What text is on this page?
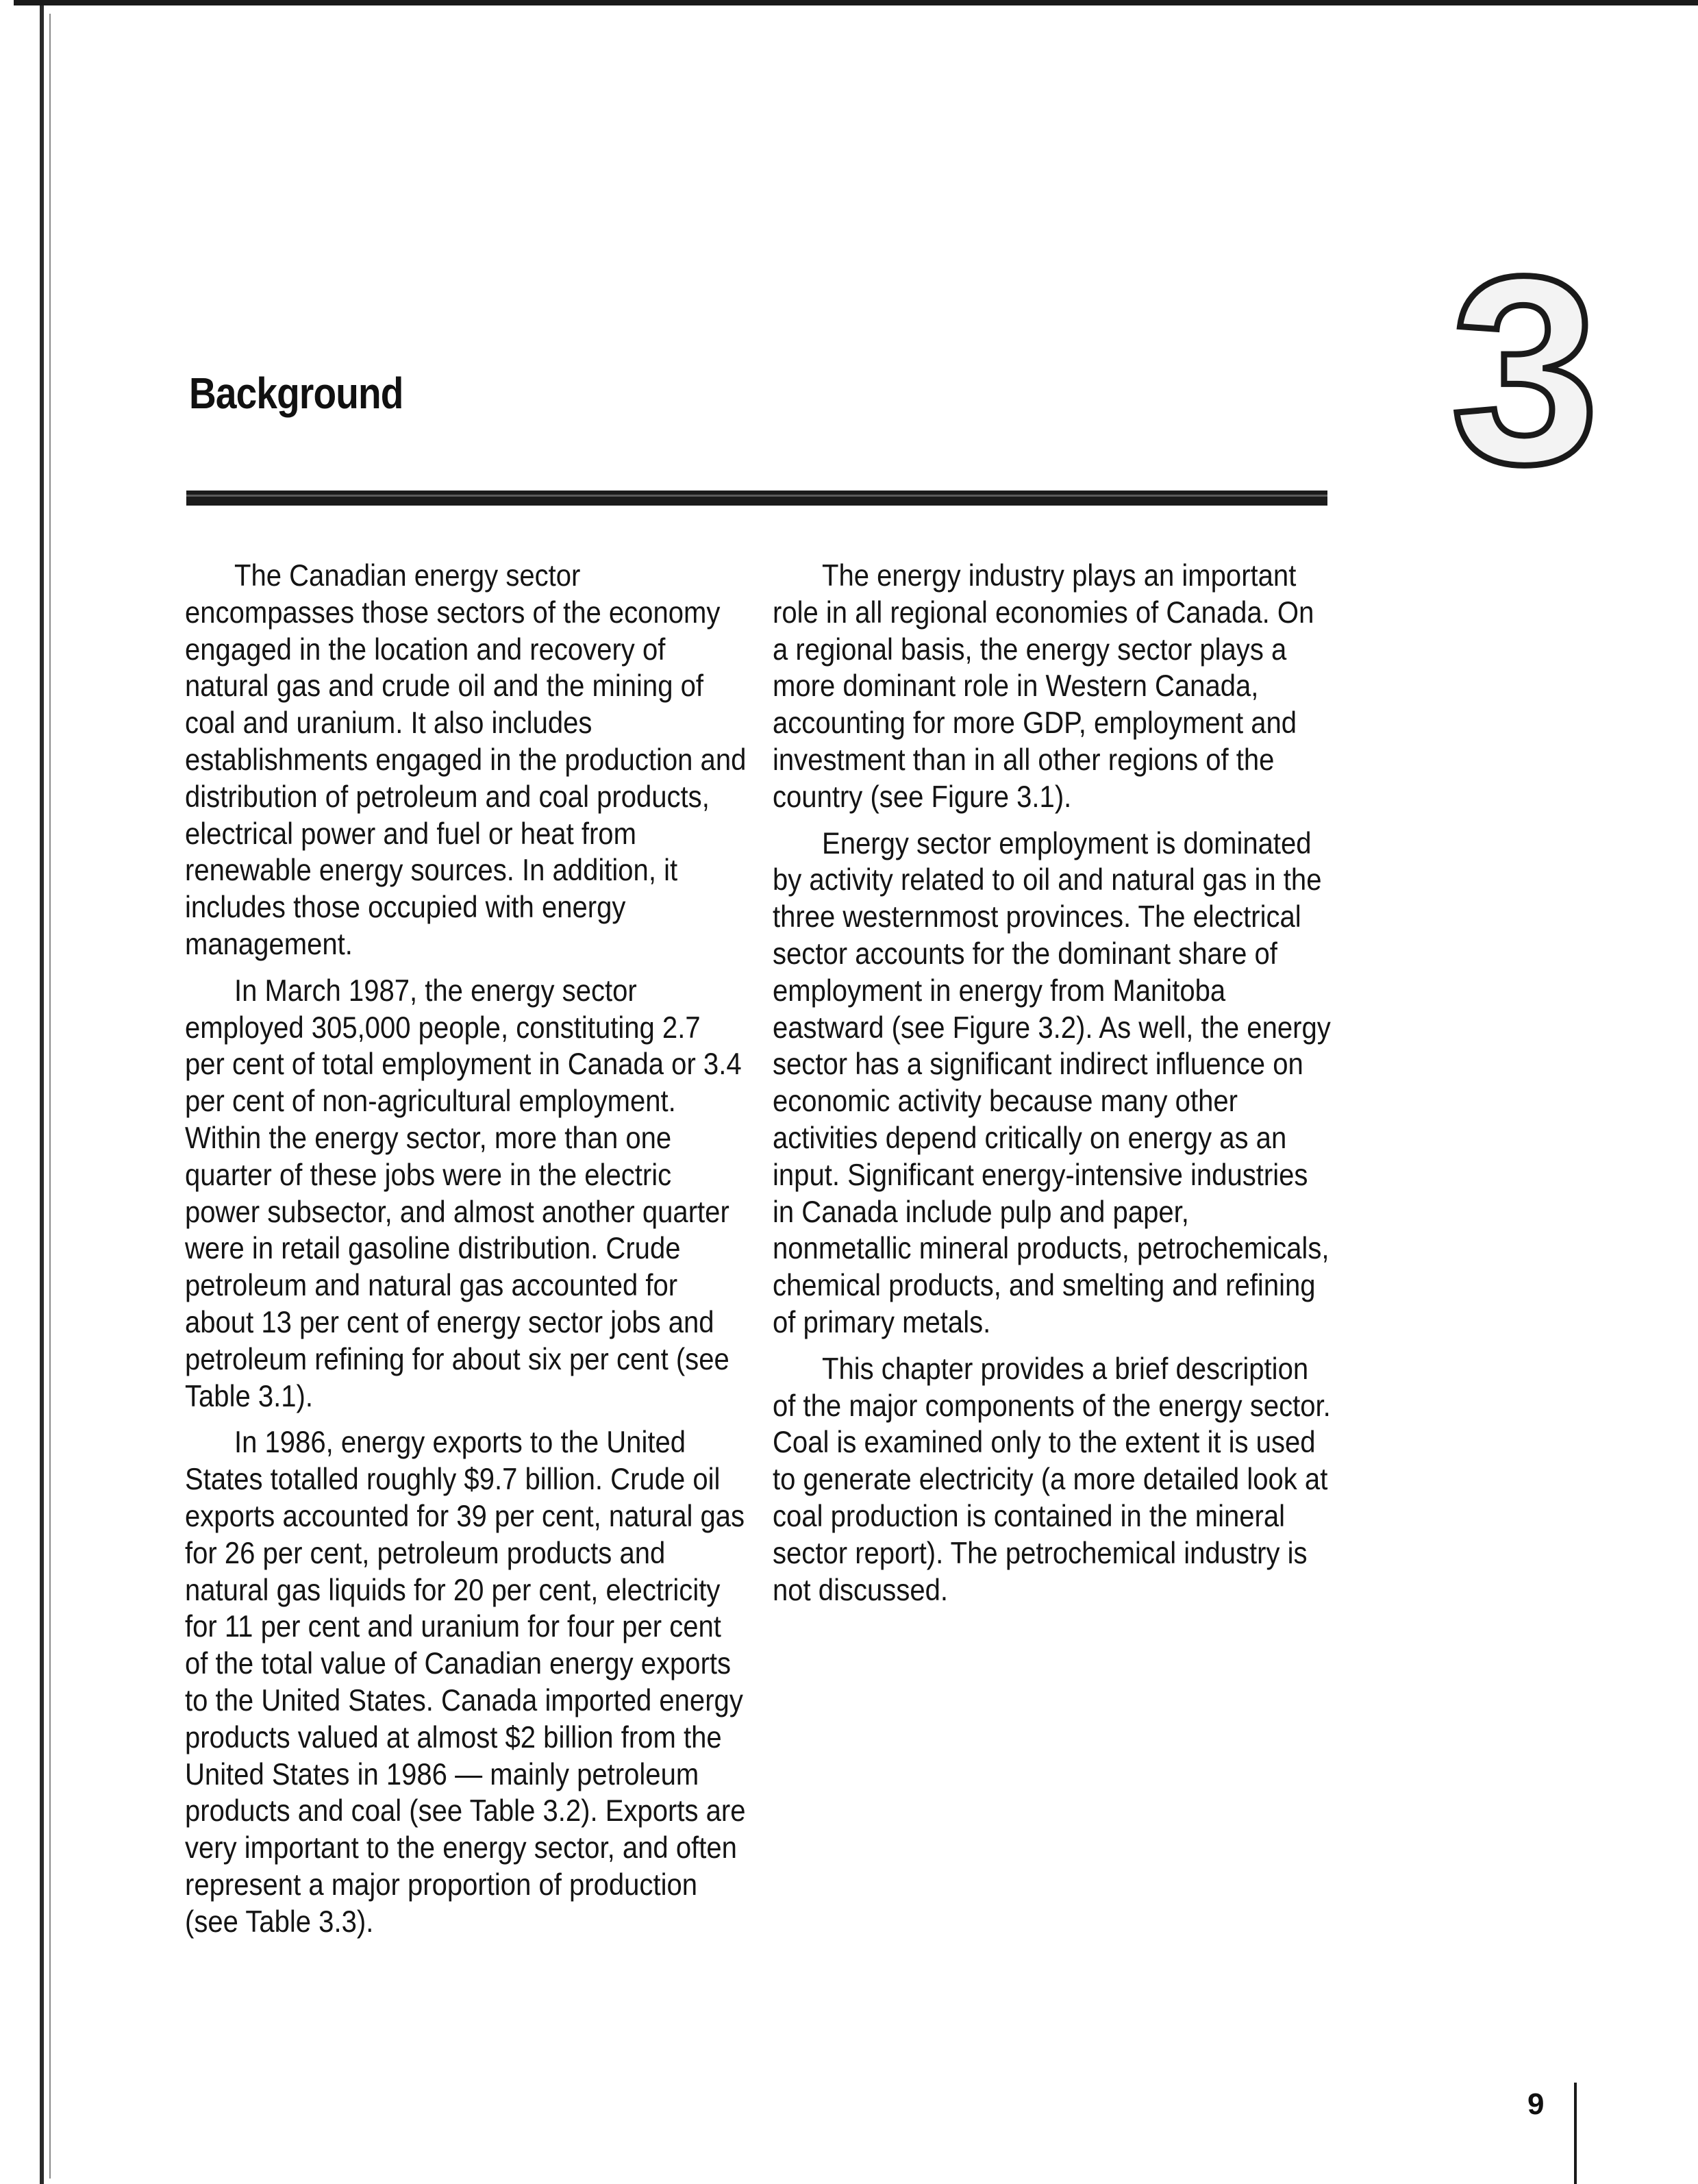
3
Background

The Canadian energy sector encompasses those sectors of the economy engaged in the location and recovery of natural gas and crude oil and the mining of coal and uranium. It also includes establishments engaged in the production and distribution of petroleum and coal products, electrical power and fuel or heat from renewable energy sources. In addition, it includes those occupied with energy management.

In March 1987, the energy sector employed 305,000 people, constituting 2.7 per cent of total employment in Canada or 3.4 per cent of non-agricultural employment. Within the energy sector, more than one quarter of these jobs were in the electric power subsector, and almost another quarter were in retail gasoline distribution. Crude petroleum and natural gas accounted for about 13 per cent of energy sector jobs and petroleum refining for about six per cent (see Table 3.1).

In 1986, energy exports to the United States totalled roughly $9.7 billion. Crude oil exports accounted for 39 per cent, natural gas for 26 per cent, petroleum products and natural gas liquids for 20 per cent, electricity for 11 per cent and uranium for four per cent of the total value of Canadian energy exports to the United States. Canada imported energy products valued at almost $2 billion from the United States in 1986 — mainly petroleum products and coal (see Table 3.2). Exports are very important to the energy sector, and often represent a major proportion of production (see Table 3.3).

The energy industry plays an important role in all regional economies of Canada. On a regional basis, the energy sector plays a more dominant role in Western Canada, accounting for more GDP, employment and investment than in all other regions of the country (see Figure 3.1).

Energy sector employment is dominated by activity related to oil and natural gas in the three westernmost provinces. The electrical sector accounts for the dominant share of employment in energy from Manitoba eastward (see Figure 3.2). As well, the energy sector has a significant indirect influence on economic activity because many other activities depend critically on energy as an input. Significant energy-intensive industries in Canada include pulp and paper, nonmetallic mineral products, petrochemicals, chemical products, and smelting and refining of primary metals.

This chapter provides a brief description of the major components of the energy sector. Coal is examined only to the extent it is used to generate electricity (a more detailed look at coal production is contained in the mineral sector report). The petrochemical industry is not discussed.

9
